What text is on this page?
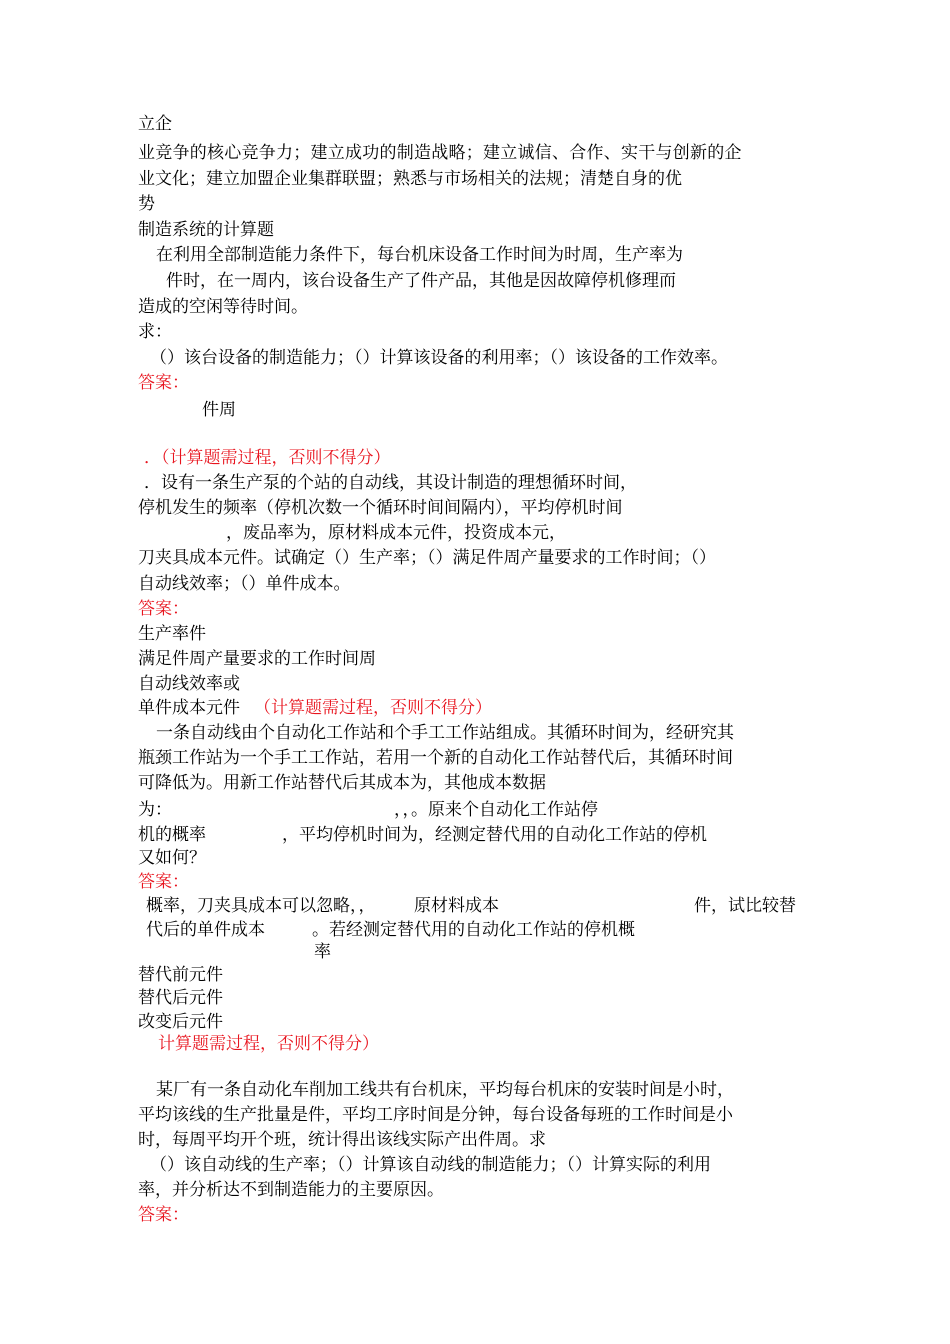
立企
业竞争的核心竞争力；建立成功的制造战略；建立诚信、合作、实干与创新的企
业文化；建立加盟企业集群联盟；熟悉与市场相关的法规；清楚自身的优
势
制造系统的计算题
在利用全部制造能力条件下，每台机床设备工作时间为时周，生产率为
件时，在一周内，该台设备生产了件产品，其他是因故障停机修理而
造成的空闲等待时间。
求：
（）该台设备的制造能力；（）计算该设备的利用率；（）该设备的工作效率。
答案：
件周
．（计算题需过程，否则不得分）
．设有一条生产泵的个站的自动线，其设计制造的理想循环时间，
停机发生的频率（停机次数一个循环时间间隔内），平均停机时间
，废品率为，原材料成本元件，投资成本元，
刀夹具成本元件。试确定（）生产率；（）满足件周产量要求的工作时间；（）
自动线效率；（）单件成本。
答案：
生产率件
满足件周产量要求的工作时间周
自动线效率或
单件成本元件 （计算题需过程，否则不得分）
一条自动线由个自动化工作站和个手工工作站组成。其循环时间为，经研究其
瓶颈工作站为一个手工工作站，若用一个新的自动化工作站替代后，其循环时间
可降低为。用新工作站替代后其成本为，其他成本数据
为：	，，。原来个自动化工作站停
机的概率	，平均停机时间为，经测定替代用的自动化工作站的停机
又如何？
答案：
概率，刀夹具成本可以忽略，， 原材料成本	件，试比较替
代后的单件成本	。若经测定替代用的自动化工作站的停机概
率
替代前元件
替代后元件
改变后元件
计算题需过程，否则不得分）
某厂有一条自动化车削加工线共有台机床，平均每台机床的安装时间是小时，
平均该线的生产批量是件，平均工序时间是分钟，每台设备每班的工作时间是小
时，每周平均开个班，统计得出该线实际产出件周。求
（）该自动线的生产率；（）计算该自动线的制造能力；（）计算实际的利用
率，并分析达不到制造能力的主要原因。
答案：
